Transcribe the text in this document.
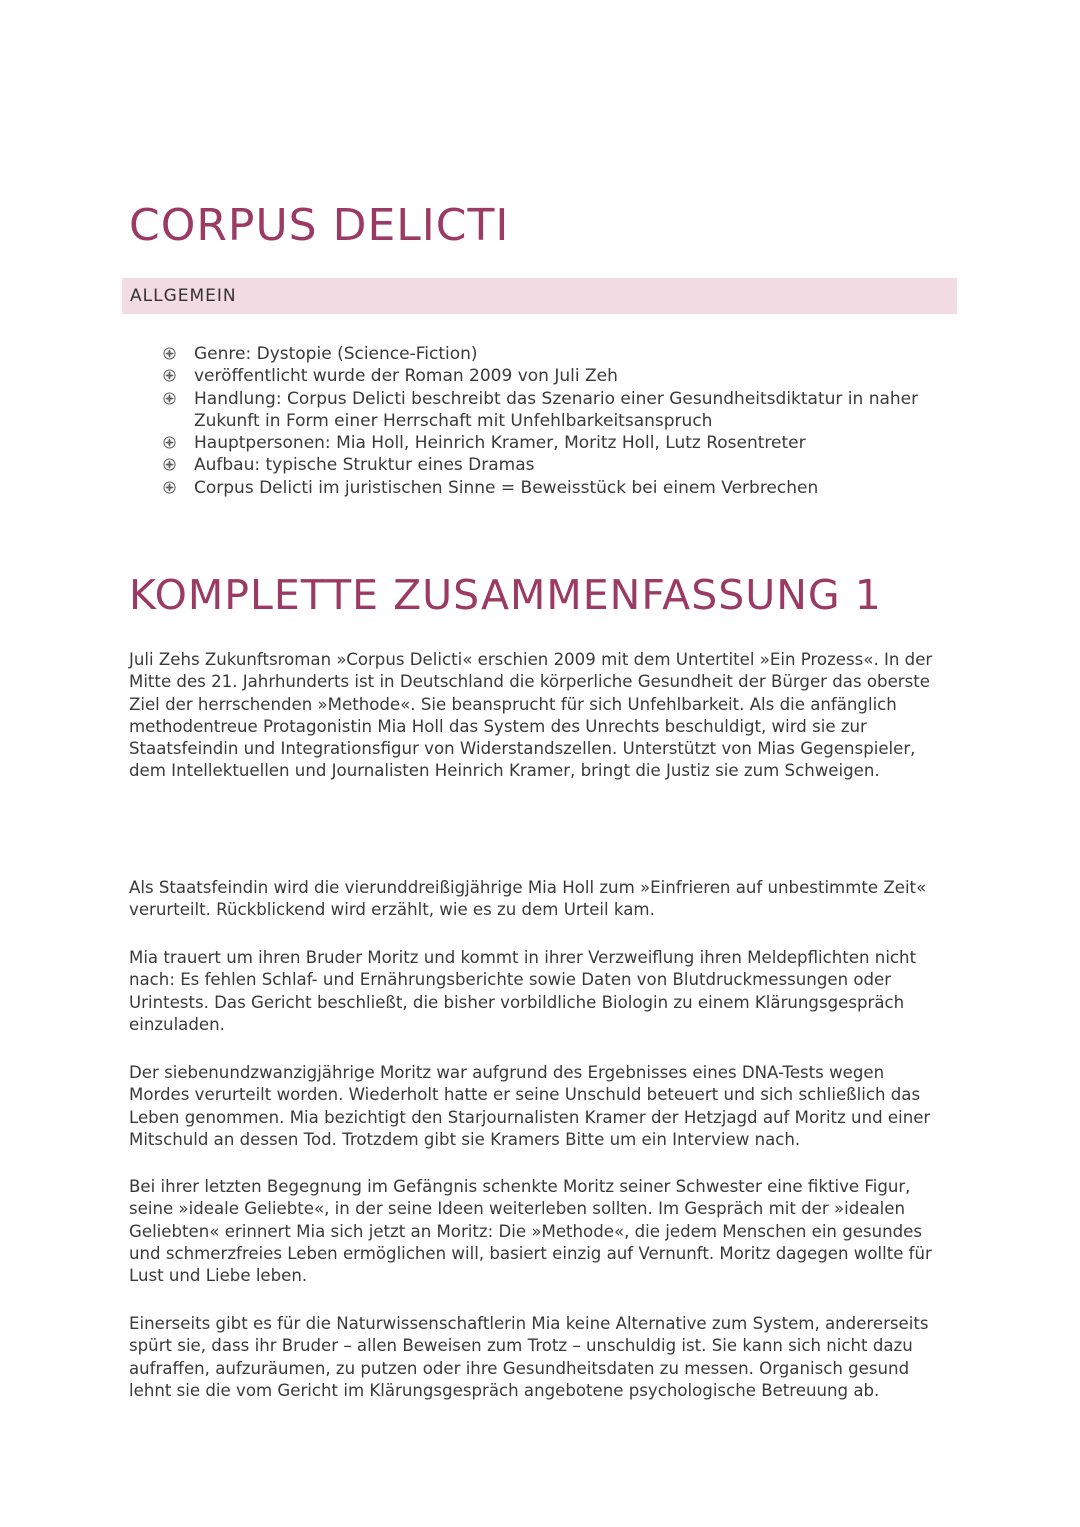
CORPUS DELICTI
ALLGEMEIN
Genre: Dystopie (Science-Fiction)
veröffentlicht wurde der Roman 2009 von Juli Zeh
Handlung: Corpus Delicti beschreibt das Szenario einer Gesundheitsdiktatur in naher Zukunft in Form einer Herrschaft mit Unfehlbarkeitsanspruch
Hauptpersonen: Mia Holl, Heinrich Kramer, Moritz Holl, Lutz Rosentreter
Aufbau: typische Struktur eines Dramas
Corpus Delicti im juristischen Sinne = Beweisstück bei einem Verbrechen
KOMPLETTE ZUSAMMENFASSUNG 1

Juli Zehs Zukunftsroman »Corpus Delicti« erschien 2009 mit dem Untertitel »Ein Prozess«. In der Mitte des 21. Jahrhunderts ist in Deutschland die körperliche Gesundheit der Bürger das oberste Ziel der herrschenden »Methode«. Sie beansprucht für sich Unfehlbarkeit. Als die anfänglich methodentreue Protagonistin Mia Holl das System des Unrechts beschuldigt, wird sie zur Staatsfeindin und Integrationsfigur von Widerstandszellen. Unterstützt von Mias Gegenspieler, dem Intellektuellen und Journalisten Heinrich Kramer, bringt die Justiz sie zum Schweigen.

Als Staatsfeindin wird die vierunddreißigjährige Mia Holl zum »Einfrieren auf unbestimmte Zeit« verurteilt. Rückblickend wird erzählt, wie es zu dem Urteil kam.

Mia trauert um ihren Bruder Moritz und kommt in ihrer Verzweiflung ihren Meldepflichten nicht nach: Es fehlen Schlaf- und Ernährungsberichte sowie Daten von Blutdruckmessungen oder Urintests. Das Gericht beschließt, die bisher vorbildliche Biologin zu einem Klärungsgespräch einzuladen.

Der siebenundzwanzigjährige Moritz war aufgrund des Ergebnisses eines DNA-Tests wegen Mordes verurteilt worden. Wiederholt hatte er seine Unschuld beteuert und sich schließlich das Leben genommen. Mia bezichtigt den Starjournalisten Kramer der Hetzjagd auf Moritz und einer Mitschuld an dessen Tod. Trotzdem gibt sie Kramers Bitte um ein Interview nach.

Bei ihrer letzten Begegnung im Gefängnis schenkte Moritz seiner Schwester eine fiktive Figur, seine »ideale Geliebte«, in der seine Ideen weiterleben sollten. Im Gespräch mit der »idealen Geliebten« erinnert Mia sich jetzt an Moritz: Die »Methode«, die jedem Menschen ein gesundes und schmerzfreies Leben ermöglichen will, basiert einzig auf Vernunft. Moritz dagegen wollte für Lust und Liebe leben.

Einerseits gibt es für die Naturwissenschaftlerin Mia keine Alternative zum System, andererseits spürt sie, dass ihr Bruder – allen Beweisen zum Trotz – unschuldig ist. Sie kann sich nicht dazu aufraffen, aufzuräumen, zu putzen oder ihre Gesundheitsdaten zu messen. Organisch gesund lehnt sie die vom Gericht im Klärungsgespräch angebotene psychologische Betreuung ab.
